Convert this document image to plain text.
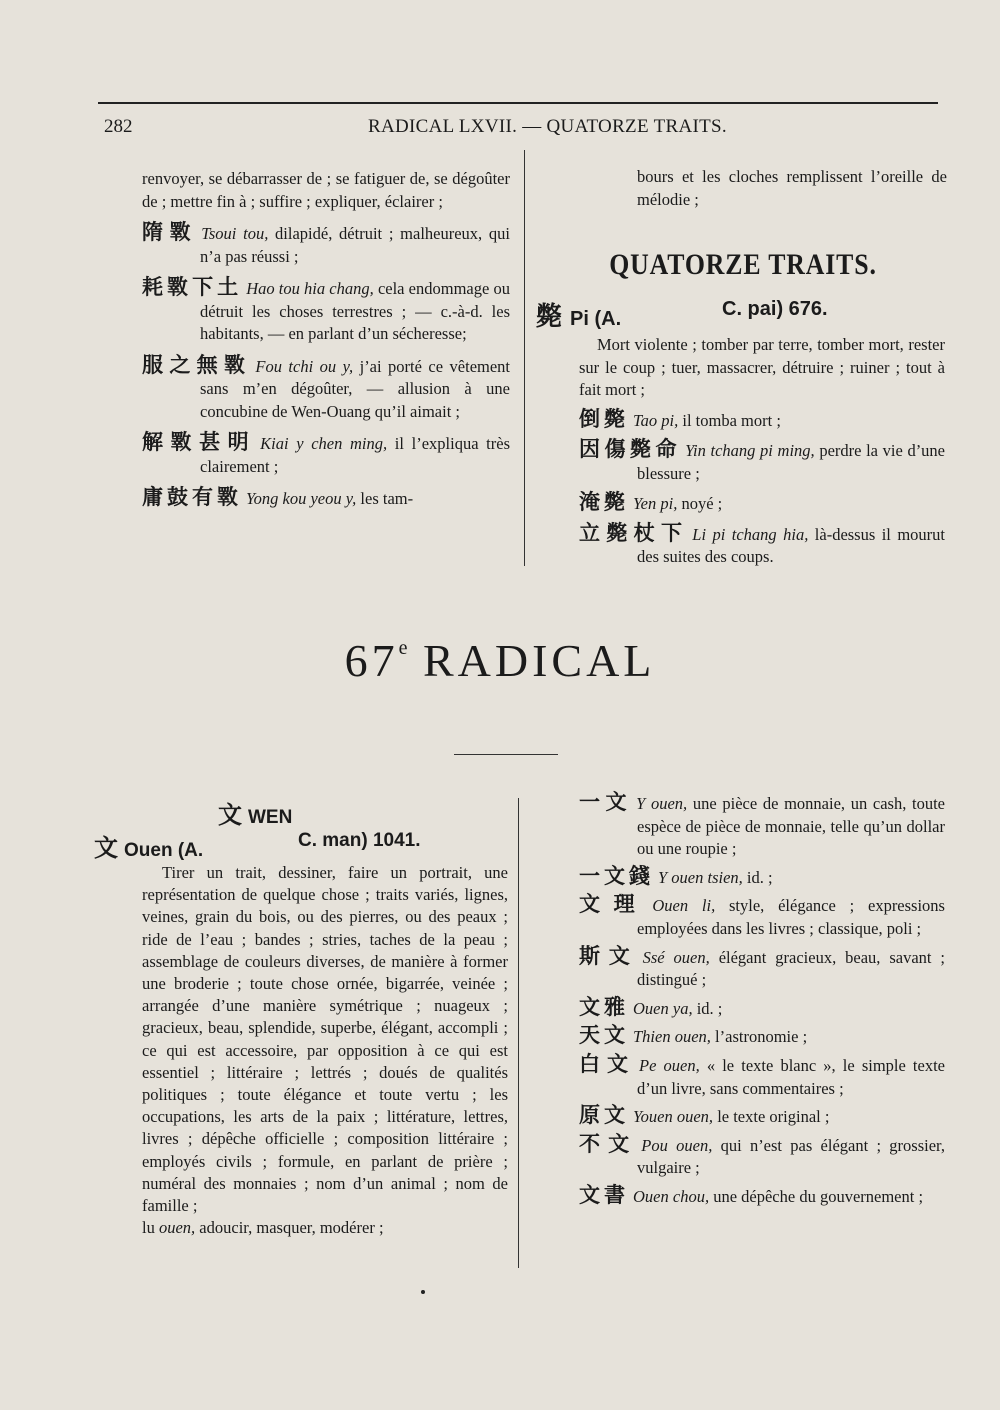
282	RADICAL LXVII. — QUATORZE TRAITS.
renvoyer, se débarrasser de ; se fatiguer de, se dégoûter de ; mettre fin à ; suffire ; expliquer, éclairer ;
隋斁 Tsoui tou, dilapidé, détruit ; malheureux, qui n’a pas réussi ;
耗斁下土 Hao tou hia chang, cela endommage ou détruit les choses terrestres ; — c.-à-d. les habitants, — en parlant d’un sécheresse;
服之無斁 Fou tchi ou y, j’ai porté ce vêtement sans m’en dégoûter, — allusion à une concubine de Wen-Ouang qu’il aimait ;
解斁甚明 Kiai y chen ming, il l’expliqua très clairement ;
庸鼓有斁 Yong kou yeou y, les tam-
bours et les cloches remplissent l’oreille de mélodie ;
QUATORZE TRAITS.
斃 Pi (A.	C. pai) 676.
Mort violente ; tomber par terre, tomber mort, rester sur le coup ; tuer, massacrer, détruire ; ruiner ; tout à fait mort ;
倒斃 Tao pi, il tomba mort ;
因傷斃命 Yin tchang pi ming, perdre la vie d’une blessure ;
淹斃 Yen pi, noyé ;
立斃杖下 Li pi tchang hia, là-dessus il mourut des suites des coups.
67e RADICAL
文 WEN
文 Ouen (A.	C. man) 1041.
Tirer un trait, dessiner, faire un portrait, une représentation de quelque chose ; traits variés, lignes, veines, grain du bois, ou des pierres, ou des peaux ; ride de l’eau ; bandes ; stries, taches de la peau ; assemblage de couleurs diverses, de manière à former une broderie ; toute chose ornée, bigarrée, veinée ; arrangée d’une manière symétrique ; nuageux ; gracieux, beau, splendide, superbe, élégant, accompli ; ce qui est accessoire, par opposition à ce qui est essentiel ; littéraire ; lettrés ; doués de qualités politiques ; toute élégance et toute vertu ; les occupations, les arts de la paix ; littérature, lettres, livres ; dépêche officielle ; composition littéraire ; employés civils ; formule, en parlant de prière ; numéral des monnaies ; nom d’un animal ; nom de famille ;
lu ouen, adoucir, masquer, modérer ;
一文 Y ouen, une pièce de monnaie, un cash, toute espèce de pièce de monnaie, telle qu’un dollar ou une roupie ;
一文錢 Y ouen tsien, id. ;
文理 Ouen li, style, élégance ; expressions employées dans les livres ; classique, poli ;
斯文 Ssé ouen, élégant gracieux, beau, savant ; distingué ;
文雅 Ouen ya, id. ;
天文 Thien ouen, l’astronomie ;
白文 Pe ouen, « le texte blanc », le simple texte d’un livre, sans commentaires ;
原文 Youen ouen, le texte original ;
不文 Pou ouen, qui n’est pas élégant ; grossier, vulgaire ;
文書 Ouen chou, une dépêche du gouvernement ;
